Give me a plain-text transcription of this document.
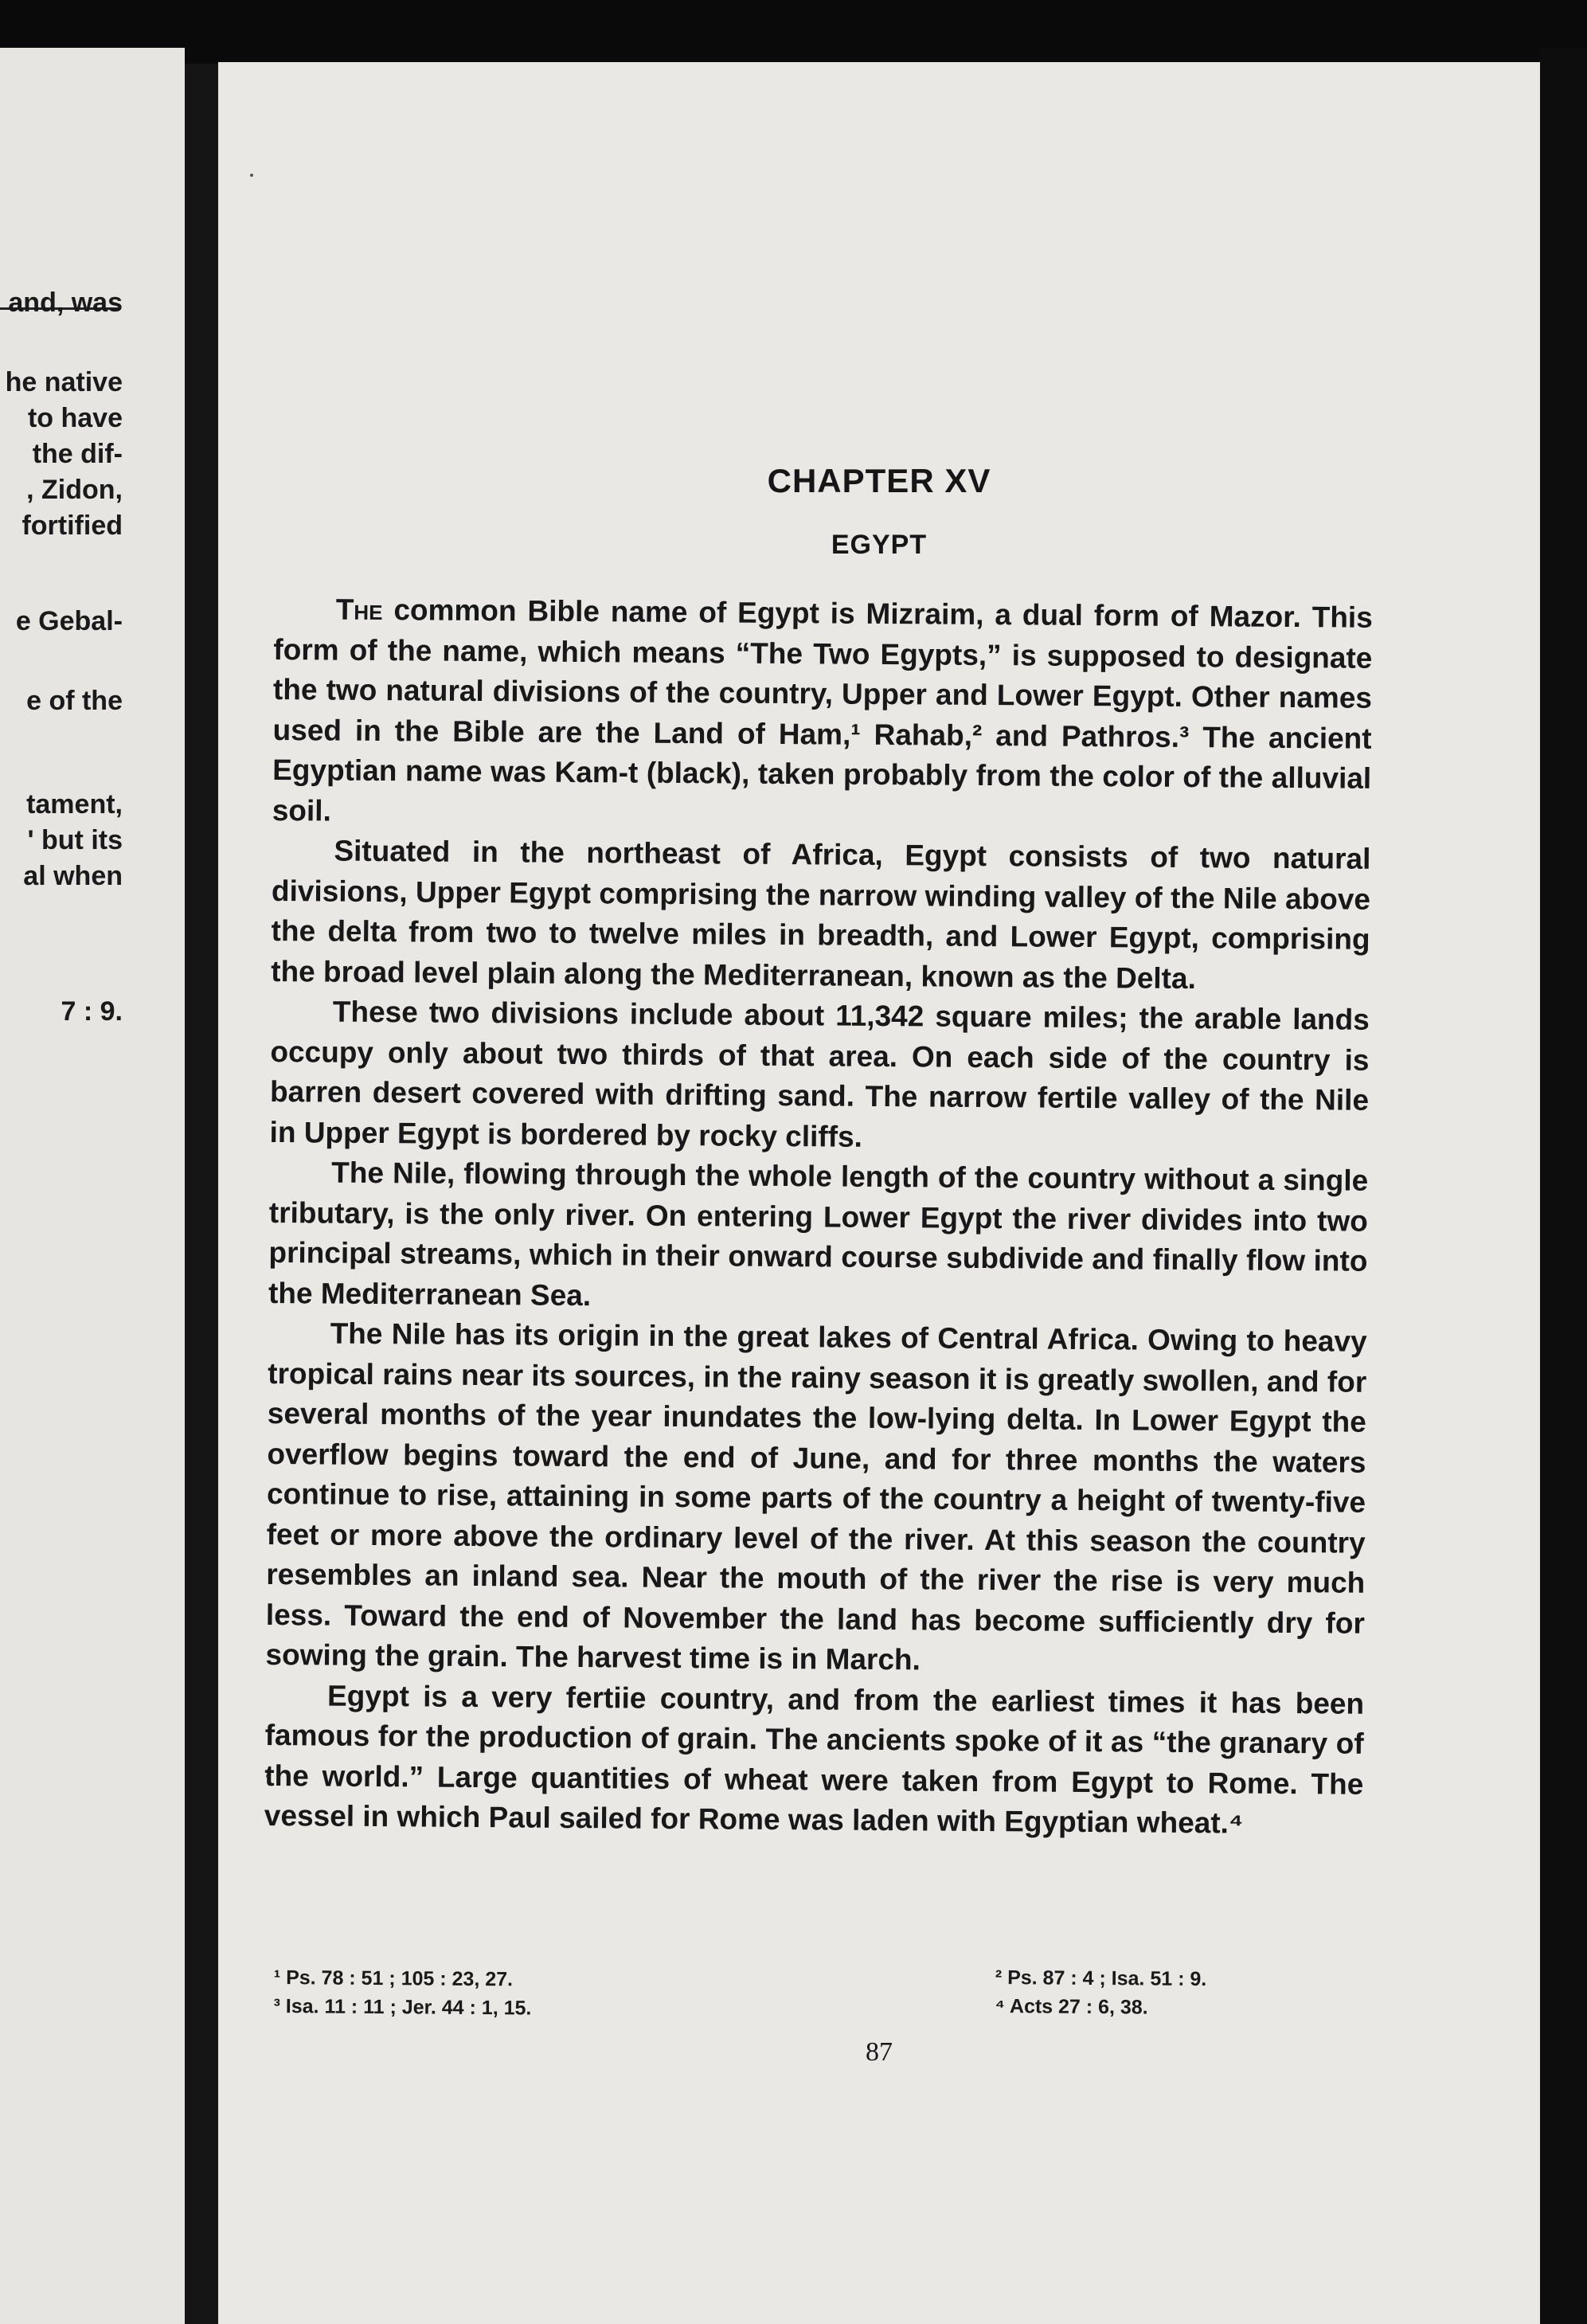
and, was
he native
to have
the dif-
, Zidon,
fortified
e Gebal-
e of the
tament,
' but its
al when
7 : 9.
CHAPTER XV
EGYPT

The common Bible name of Egypt is Mizraim, a dual form of Mazor. This form of the name, which means “The Two Egypts,” is supposed to designate the two natural divisions of the country, Upper and Lower Egypt. Other names used in the Bible are the Land of Ham,¹ Rahab,² and Pathros.³ The ancient Egyptian name was Kam-t (black), taken probably from the color of the alluvial soil.

Situated in the northeast of Africa, Egypt consists of two natural divisions, Upper Egypt comprising the narrow winding valley of the Nile above the delta from two to twelve miles in breadth, and Lower Egypt, comprising the broad level plain along the Mediterranean, known as the Delta.

These two divisions include about 11,342 square miles; the arable lands occupy only about two thirds of that area. On each side of the country is barren desert covered with drifting sand. The narrow fertile valley of the Nile in Upper Egypt is bordered by rocky cliffs.

The Nile, flowing through the whole length of the country without a single tributary, is the only river. On entering Lower Egypt the river divides into two principal streams, which in their onward course subdivide and finally flow into the Mediterranean Sea.

The Nile has its origin in the great lakes of Central Africa. Owing to heavy tropical rains near its sources, in the rainy season it is greatly swollen, and for several months of the year inundates the low-lying delta. In Lower Egypt the overflow begins toward the end of June, and for three months the waters continue to rise, attaining in some parts of the country a height of twenty-five feet or more above the ordinary level of the river. At this season the country resembles an inland sea. Near the mouth of the river the rise is very much less. Toward the end of November the land has become sufficiently dry for sowing the grain. The harvest time is in March.

Egypt is a very fertiie country, and from the earliest times it has been famous for the production of grain. The ancients spoke of it as “the granary of the world.” Large quantities of wheat were taken from Egypt to Rome. The vessel in which Paul sailed for Rome was laden with Egyptian wheat.⁴

¹ Ps. 78 : 51 ; 105 : 23, 27.
³ Isa. 11 : 11 ; Jer. 44 : 1, 15.
² Ps. 87 : 4 ; Isa. 51 : 9.
⁴ Acts 27 : 6, 38.
87
